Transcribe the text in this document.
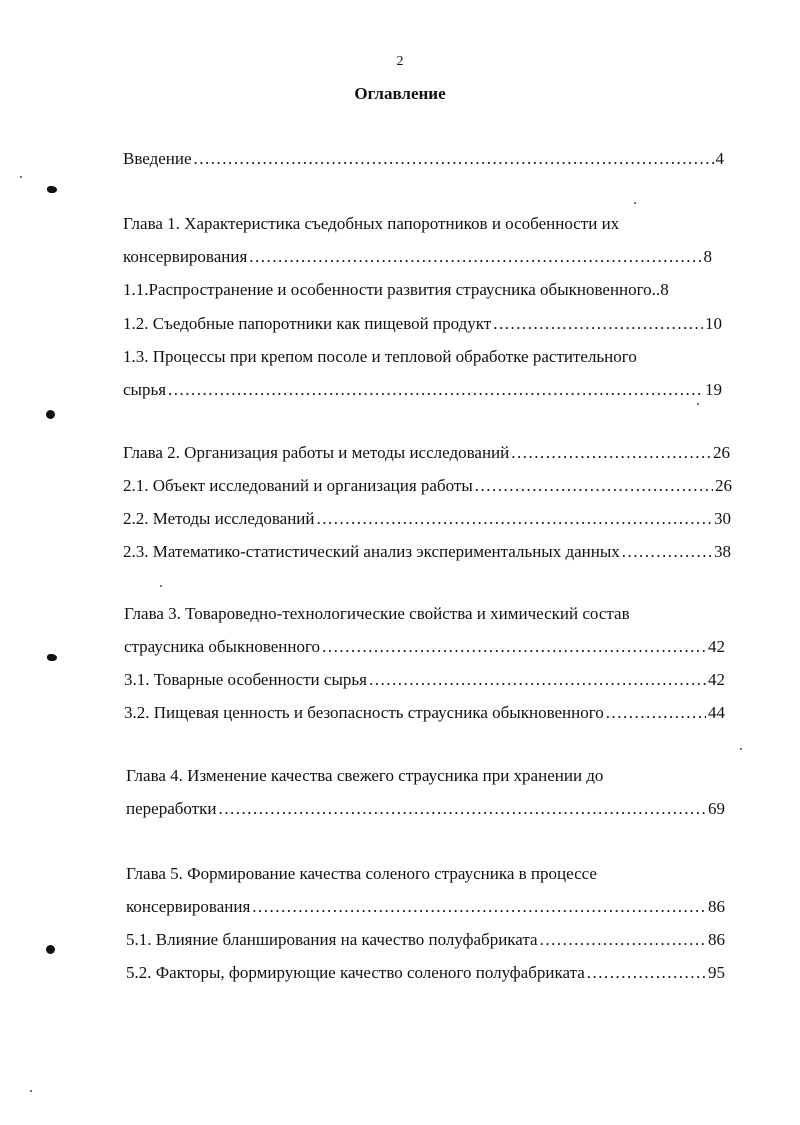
2
Оглавление
Введение .....	4
Глава 1. Характеристика съедобных папоротников и особенности их
консервирования .....	8
1.1.Распространение и особенности развития страусника обыкновенного.. 8
1.2. Съедобные папоротники как пищевой продукт .....	10
1.3. Процессы при крепом посоле и тепловой обработке растительного
сырья .....	19
Глава 2. Организация работы и методы исследований .....	26
2.1. Объект исследований и организация работы .....	26
2.2. Методы исследований .....	30
2.3. Математико-статистический анализ экспериментальных данных .....	38
Глава 3. Товароведно-технологические свойства и химический состав
страусника обыкновенного .....	42
3.1. Товарные особенности сырья .....	42
3.2. Пищевая ценность и безопасность страусника обыкновенного .....	44
Глава 4. Изменение качества свежего страусника при хранении до
переработки .....	69
Глава 5. Формирование качества соленого страусника в процессе
консервирования .....	86
5.1. Влияние бланширования на качество полуфабриката .....	86
5.2. Факторы, формирующие качество соленого полуфабриката .....	95
